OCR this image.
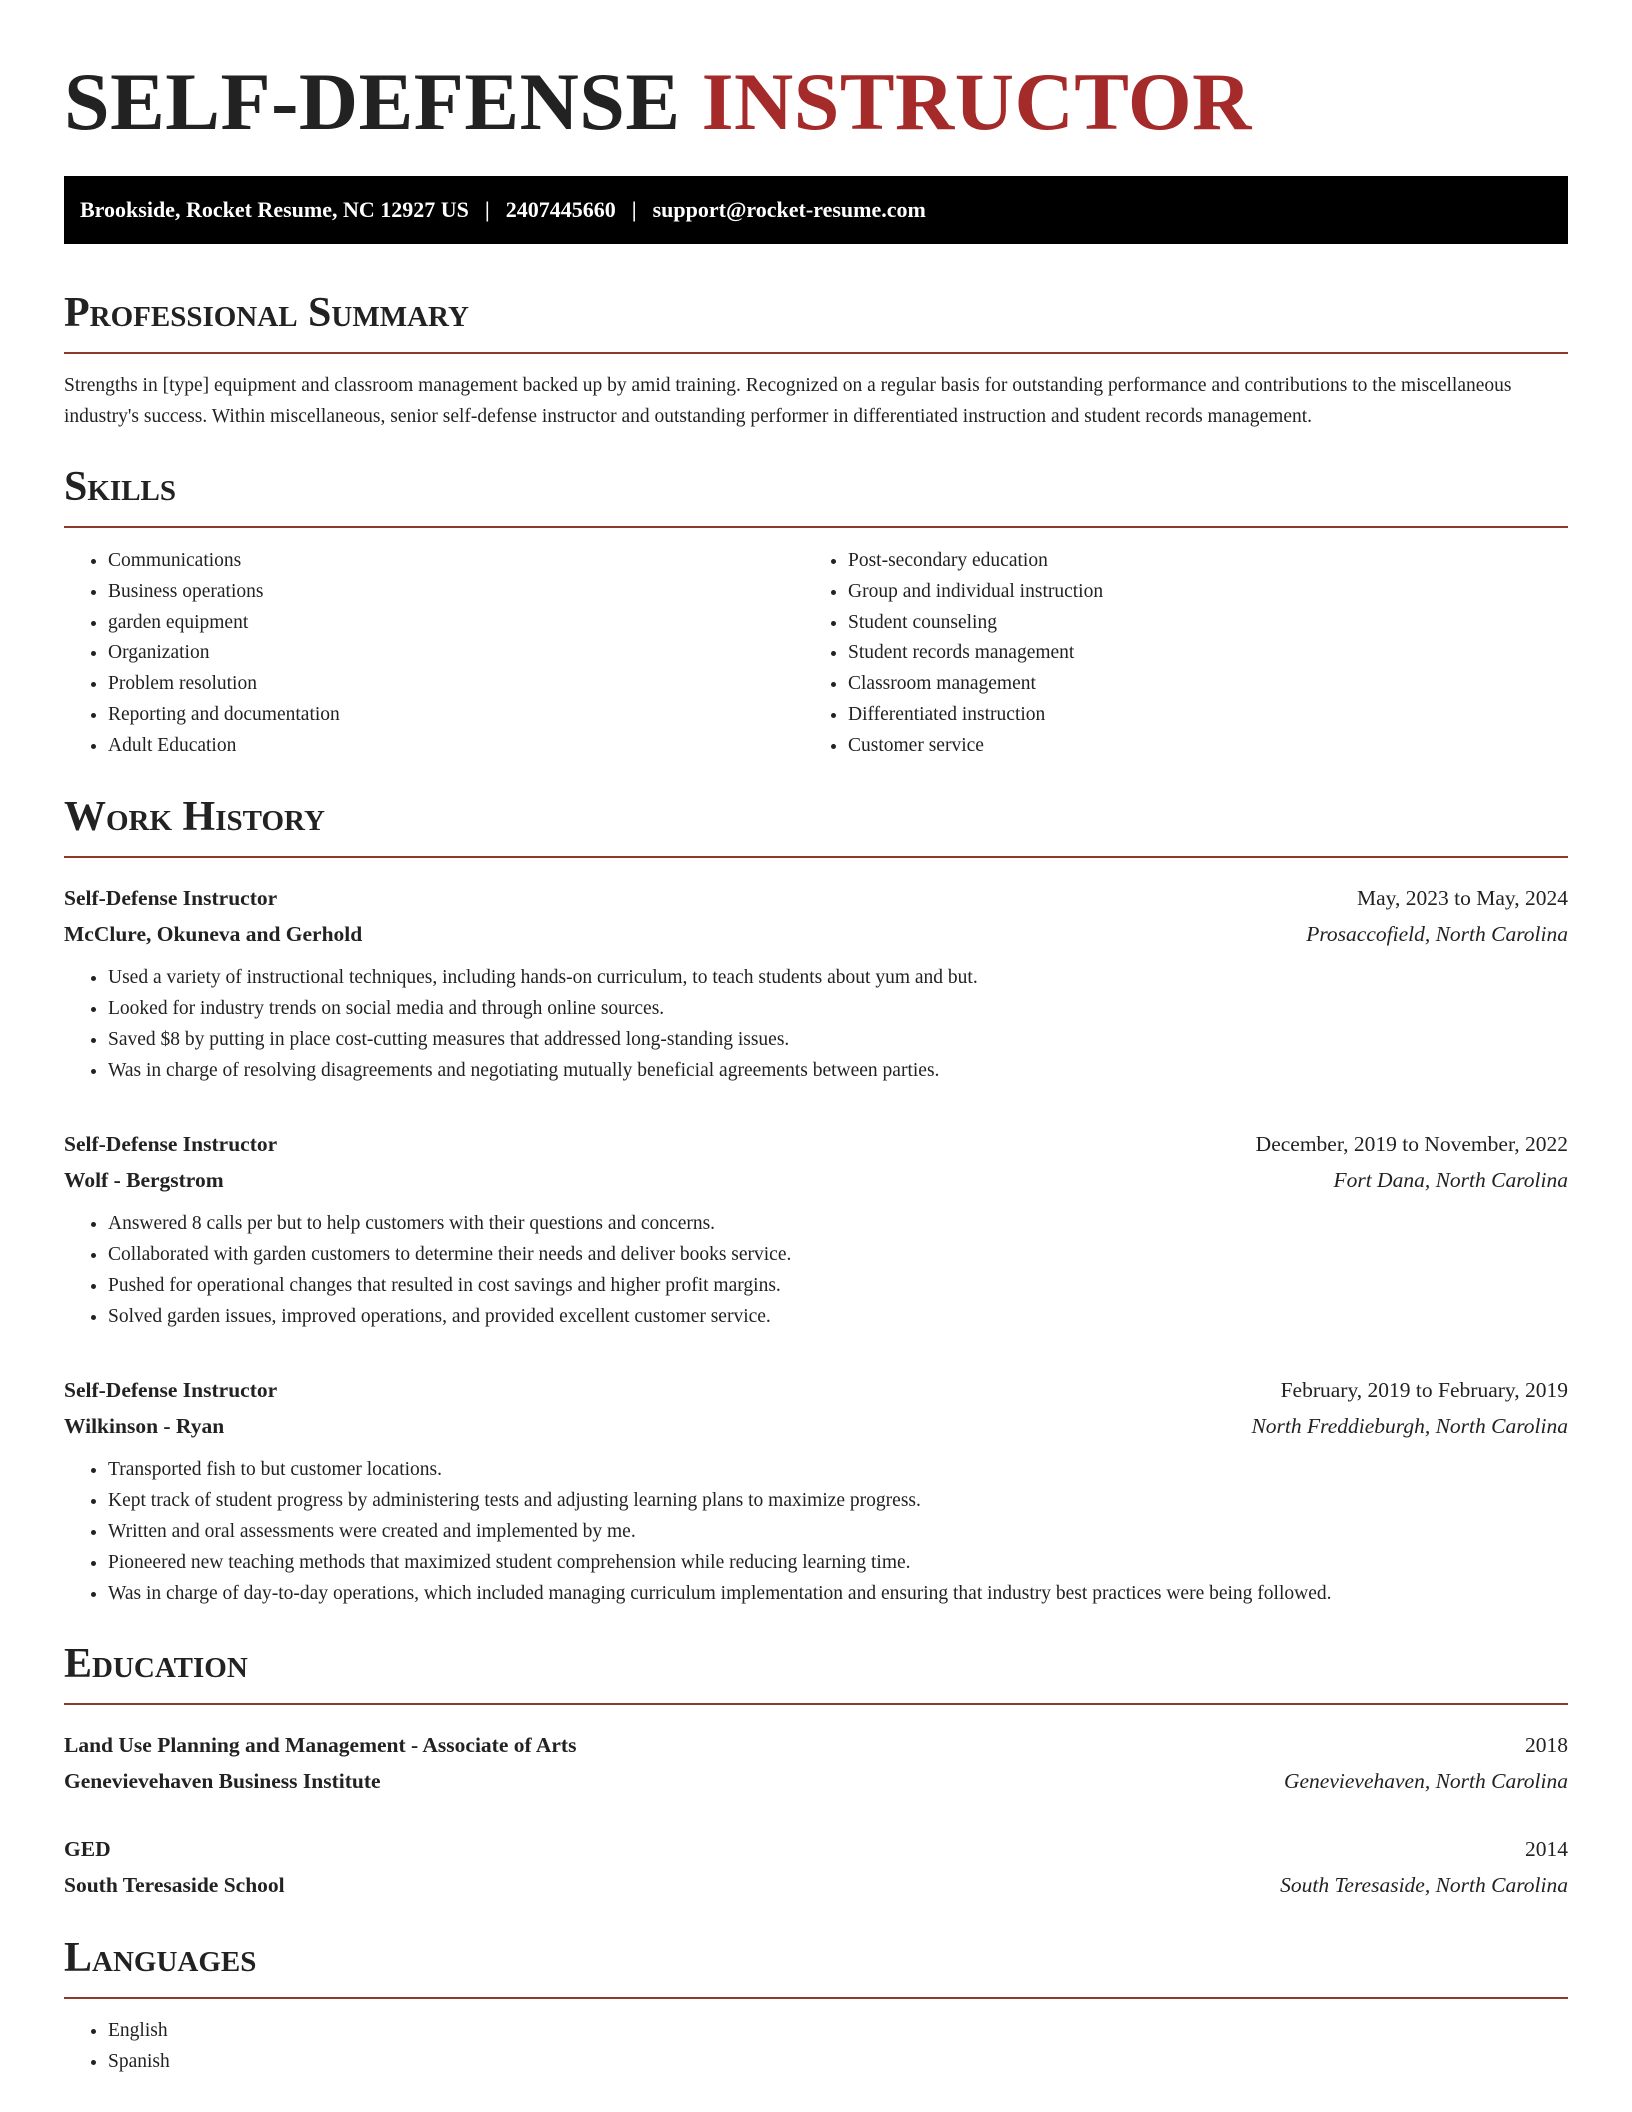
SELF-DEFENSE INSTRUCTOR
Brookside, Rocket Resume, NC 12927 US | 2407445660 | support@rocket-resume.com
Professional Summary
Strengths in [type] equipment and classroom management backed up by amid training. Recognized on a regular basis for outstanding performance and contributions to the miscellaneous industry's success. Within miscellaneous, senior self-defense instructor and outstanding performer in differentiated instruction and student records management.
Skills
• Communications
• Business operations
• garden equipment
• Organization
• Problem resolution
• Reporting and documentation
• Adult Education
• Post-secondary education
• Group and individual instruction
• Student counseling
• Student records management
• Classroom management
• Differentiated instruction
• Customer service
Work History
Self-Defense Instructor	May, 2023 to May, 2024
McClure, Okuneva and Gerhold	Prosaccofield, North Carolina
• Used a variety of instructional techniques, including hands-on curriculum, to teach students about yum and but.
• Looked for industry trends on social media and through online sources.
• Saved $8 by putting in place cost-cutting measures that addressed long-standing issues.
• Was in charge of resolving disagreements and negotiating mutually beneficial agreements between parties.
Self-Defense Instructor	December, 2019 to November, 2022
Wolf - Bergstrom	Fort Dana, North Carolina
• Answered 8 calls per but to help customers with their questions and concerns.
• Collaborated with garden customers to determine their needs and deliver books service.
• Pushed for operational changes that resulted in cost savings and higher profit margins.
• Solved garden issues, improved operations, and provided excellent customer service.
Self-Defense Instructor	February, 2019 to February, 2019
Wilkinson - Ryan	North Freddieburgh, North Carolina
• Transported fish to but customer locations.
• Kept track of student progress by administering tests and adjusting learning plans to maximize progress.
• Written and oral assessments were created and implemented by me.
• Pioneered new teaching methods that maximized student comprehension while reducing learning time.
• Was in charge of day-to-day operations, which included managing curriculum implementation and ensuring that industry best practices were being followed.
Education
Land Use Planning and Management - Associate of Arts	2018
Genevievehaven Business Institute	Genevievehaven, North Carolina
GED	2014
South Teresaside School	South Teresaside, North Carolina
Languages
• English
• Spanish
